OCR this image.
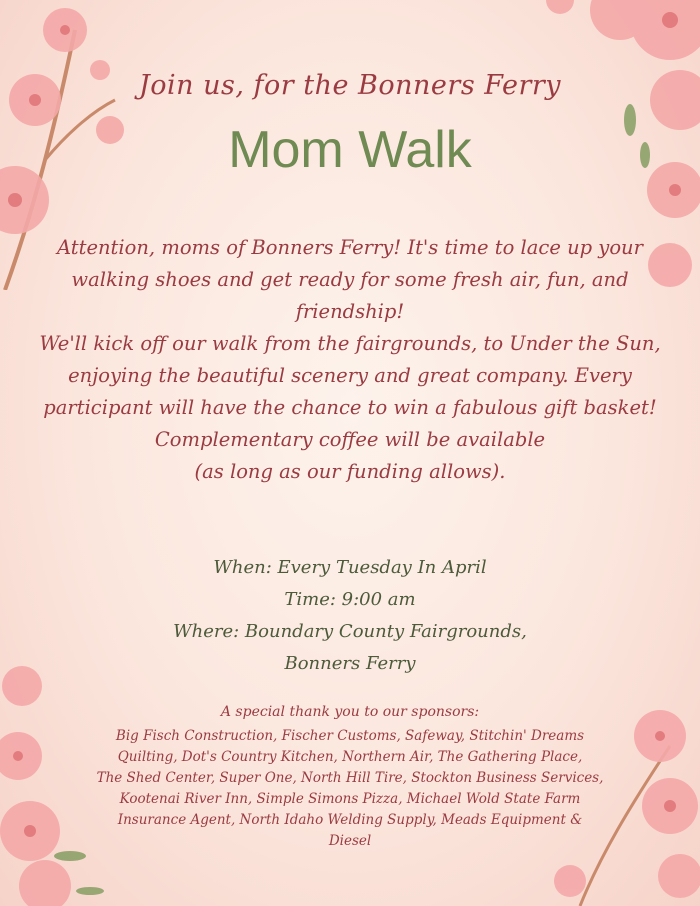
Join us, for the Bonners Ferry
Mom Walk
Attention, moms of Bonners Ferry! It's time to lace up your
walking shoes and get ready for some fresh air, fun, and
friendship!
We'll kick off our walk from the fairgrounds, to Under the Sun,
enjoying the beautiful scenery and great company. Every
participant will have the chance to win a fabulous gift basket!
Complementary coffee will be available
(as long as our funding allows).
When: Every Tuesday In April
Time: 9:00 am
Where: Boundary County Fairgrounds,
Bonners Ferry
A special thank you to our sponsors:
Big Fisch Construction, Fischer Customs, Safeway, Stitchin' Dreams
Quilting, Dot's Country Kitchen, Northern Air, The Gathering Place,
The Shed Center, Super One, North Hill Tire, Stockton Business Services,
Kootenai River Inn, Simple Simons Pizza, Michael Wold State Farm
Insurance Agent, North Idaho Welding Supply, Meads Equipment &
Diesel
